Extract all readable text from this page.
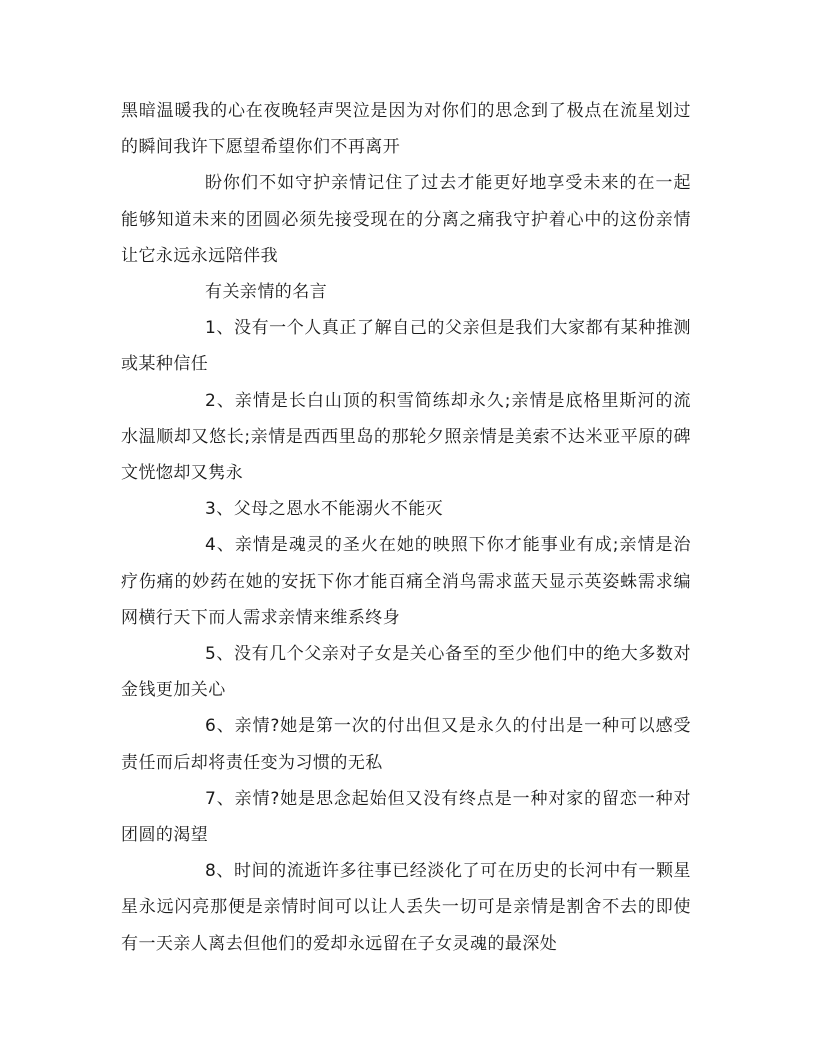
黑暗温暖我的心在夜晚轻声哭泣是因为对你们的思念到了极点在流星划过的瞬间我许下愿望希望你们不再离开

盼你们不如守护亲情记住了过去才能更好地享受未来的在一起能够知道未来的团圆必须先接受现在的分离之痛我守护着心中的这份亲情让它永远永远陪伴我

有关亲情的名言

1、没有一个人真正了解自己的父亲但是我们大家都有某种推测或某种信任

2、亲情是长白山顶的积雪简练却永久;亲情是底格里斯河的流水温顺却又悠长;亲情是西西里岛的那轮夕照亲情是美索不达米亚平原的碑文恍惚却又隽永

3、父母之恩水不能溺火不能灭

4、亲情是魂灵的圣火在她的映照下你才能事业有成;亲情是治疗伤痛的妙药在她的安抚下你才能百痛全消鸟需求蓝天显示英姿蛛需求编网横行天下而人需求亲情来维系终身

5、没有几个父亲对子女是关心备至的至少他们中的绝大多数对金钱更加关心

6、亲情?她是第一次的付出但又是永久的付出是一种可以感受责任而后却将责任变为习惯的无私

7、亲情?她是思念起始但又没有终点是一种对家的留恋一种对团圆的渴望

8、时间的流逝许多往事已经淡化了可在历史的长河中有一颗星星永远闪亮那便是亲情时间可以让人丢失一切可是亲情是割舍不去的即使有一天亲人离去但他们的爱却永远留在子女灵魂的最深处
